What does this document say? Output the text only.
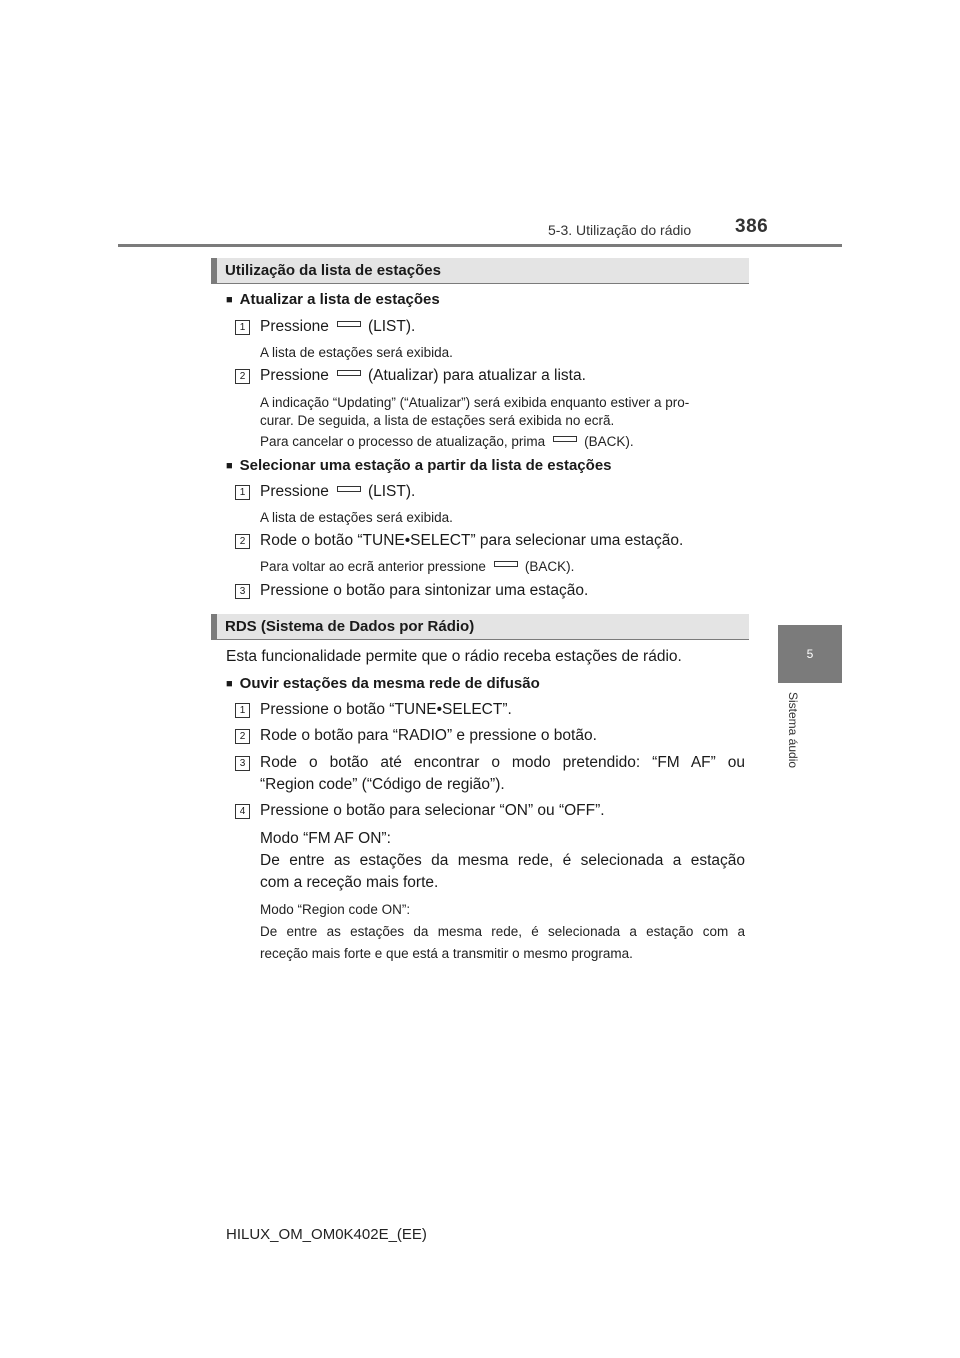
5-3. Utilização do rádio 386
5
Sistema áudio
Utilização da lista de estações
■ Atualizar a lista de estações
1 Pressione	(LIST).
A lista de estações será exibida.
2 Pressione	(Atualizar) para atualizar a lista.
A indicação “Updating” (“Atualizar”) será exibida enquanto estiver a pro-
curar. De seguida, a lista de estações será exibida no ecrã.
Para cancelar o processo de atualização, prima	(BACK).
■ Selecionar uma estação a partir da lista de estações
1 Pressione	(LIST).
A lista de estações será exibida.
2 Rode o botão “TUNE•SELECT” para selecionar uma estação.
Para voltar ao ecrã anterior pressione	(BACK).
3 Pressione o botão para sintonizar uma estação.
RDS (Sistema de Dados por Rádio)
Esta funcionalidade permite que o rádio receba estações de rádio.
■ Ouvir estações da mesma rede de difusão
1 Pressione o botão “TUNE•SELECT”.
2 Rode o botão para “RADIO” e pressione o botão.
3 Rode o botão até encontrar o modo pretendido: “FM AF” ou
“Region code” (“Código de região”).
4 Pressione o botão para selecionar “ON” ou “OFF”.
Modo “FM AF ON”:
De entre as estações da mesma rede, é selecionada a estação
com a receção mais forte.
Modo “Region code ON”:
De entre as estações da mesma rede, é selecionada a estação com a
receção mais forte e que está a transmitir o mesmo programa.
HILUX_OM_OM0K402E_(EE)
